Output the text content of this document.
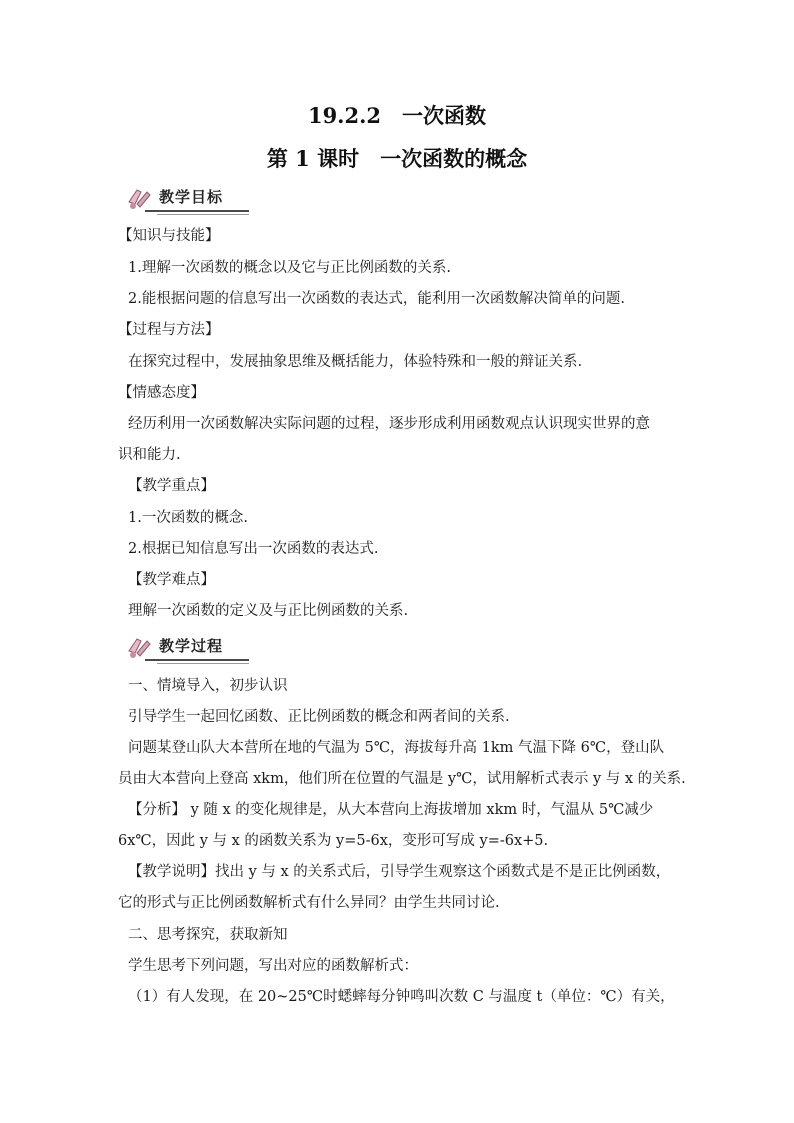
19.2.2　一次函数
第 1 课时　一次函数的概念
教学目标
【知识与技能】
1.理解一次函数的概念以及它与正比例函数的关系.
2.能根据问题的信息写出一次函数的表达式，能利用一次函数解决简单的问题.
【过程与方法】
在探究过程中，发展抽象思维及概括能力，体验特殊和一般的辩证关系.
【情感态度】
经历利用一次函数解决实际问题的过程，逐步形成利用函数观点认识现实世界的意
识和能力.
【教学重点】
1.一次函数的概念.
2.根据已知信息写出一次函数的表达式.
【教学难点】
理解一次函数的定义及与正比例函数的关系.
教学过程
一、情境导入，初步认识
引导学生一起回忆函数、正比例函数的概念和两者间的关系.
问题某登山队大本营所在地的气温为 5℃，海拔每升高 1km 气温下降 6℃，登山队
员由大本营向上登高 xkm，他们所在位置的气温是 y℃，试用解析式表示 y 与 x 的关系.
【分析】 y 随 x 的变化规律是，从大本营向上海拔增加 xkm 时，气温从 5℃减少
6x℃，因此 y 与 x 的函数关系为 y=5-6x，变形可写成 y=-6x+5.
【教学说明】找出 y 与 x 的关系式后，引导学生观察这个函数式是不是正比例函数，
它的形式与正比例函数解析式有什么异同？由学生共同讨论.
二、思考探究，获取新知
学生思考下列问题，写出对应的函数解析式：
（1）有人发现，在 20~25℃时蟋蟀每分钟鸣叫次数 C 与温度 t（单位：℃）有关，
